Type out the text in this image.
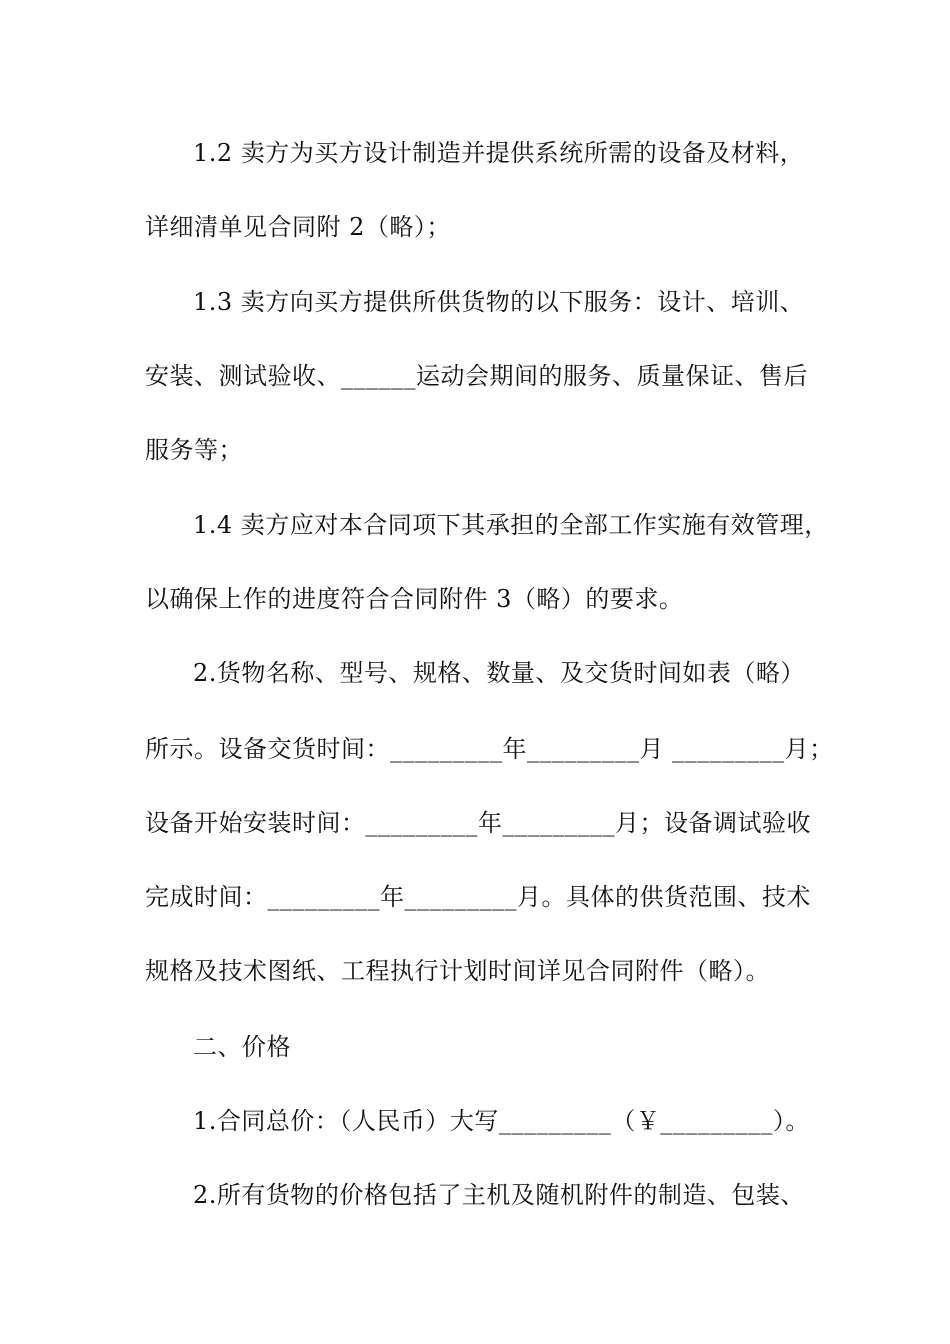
1.2 卖方为买方设计制造并提供系统所需的设备及材料，
详细清单见合同附 2（略）；
1.3 卖方向买方提供所供货物的以下服务：设计、培训、
安装、测试验收、______运动会期间的服务、质量保证、售后
服务等；
1.4 卖方应对本合同项下其承担的全部工作实施有效管理，
以确保上作的进度符合合同附件 3（略）的要求。
2.货物名称、型号、规格、数量、及交货时间如表（略）
所示。设备交货时间：_________年_________月 _________月；
设备开始安装时间：_________年_________月；设备调试验收
完成时间：_________年_________月。具体的供货范围、技术
规格及技术图纸、工程执行计划时间详见合同附件（略）。
二、价格
1.合同总价：（人民币）大写_________（￥_________）。
2.所有货物的价格包括了主机及随机附件的制造、包装、
